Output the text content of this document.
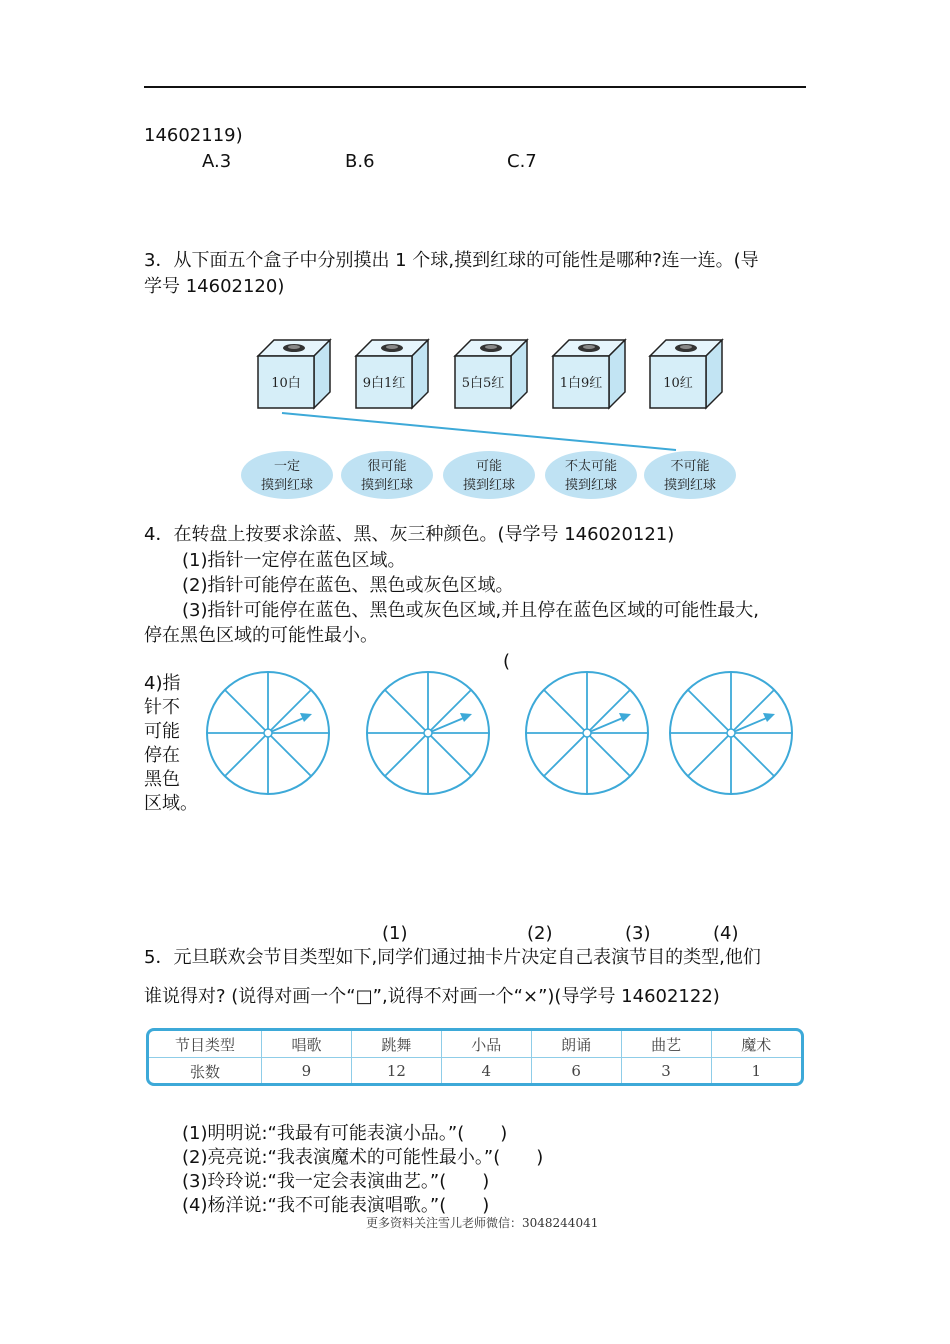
14602119)
A.3	B.6	C.7
3．从下面五个盒子中分别摸出 1 个球,摸到红球的可能性是哪种?连一连。(导
学号 14602120)
10白	9白1红	5白5红	1白9红	10红
一定
摸到红球
很可能
摸到红球
可能
摸到红球
不太可能
摸到红球
不可能
摸到红球
4．在转盘上按要求涂蓝、黑、灰三种颜色。(导学号 146020121)
(1)指针一定停在蓝色区域。
(2)指针可能停在蓝色、黑色或灰色区域。
(3)指针可能停在蓝色、黑色或灰色区域,并且停在蓝色区域的可能性最大,
停在黑色区域的可能性最小。
(
4)指
针不
可能
停在
黑色
区域。
(1)	(2)	(3)	(4)
5．元旦联欢会节目类型如下,同学们通过抽卡片决定自己表演节目的类型,他们
谁说得对? (说得对画一个“□”,说得不对画一个“×”)(导学号 14602122)
节目类型	唱歌	跳舞	小品	朗诵	曲艺	魔术
张数	9	12	4	6	3	1
(1)明明说:“我最有可能表演小品。”(　　)
(2)亮亮说:“我表演魔术的可能性最小。”(　　)
(3)玲玲说:“我一定会表演曲艺。”(　　)
(4)杨洋说:“我不可能表演唱歌。”(　　)
更多资料关注雪儿老师微信：3048244041
